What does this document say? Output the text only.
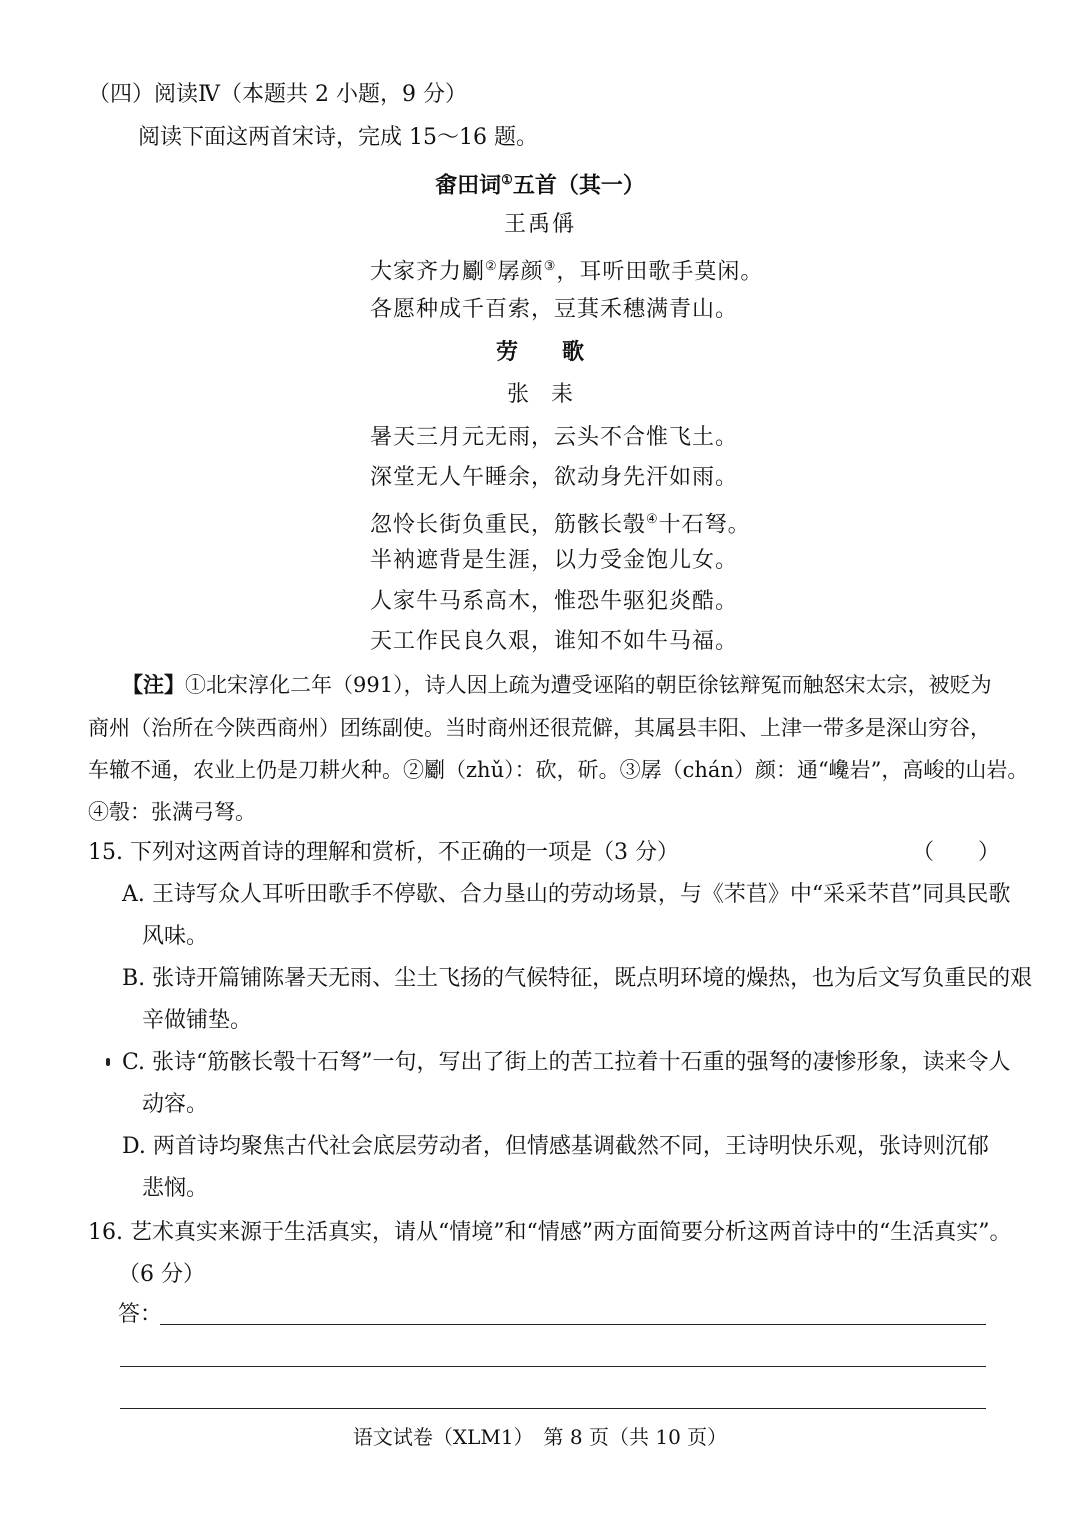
（四）阅读Ⅳ（本题共 2 小题，9 分）
阅读下面这两首宋诗，完成 15～16 题。
畬田词①五首（其一）
王禹偁
大家齐力劚②孱颜③，耳听田歌手莫闲。
各愿种成千百索，豆萁禾穗满青山。
劳　　歌
张　耒
暑天三月元无雨，云头不合惟飞土。
深堂无人午睡余，欲动身先汗如雨。
忽怜长街负重民，筋骸长彀④十石弩。
半衲遮背是生涯，以力受金饱儿女。
人家牛马系高木，惟恐牛驱犯炎酷。
天工作民良久艰，谁知不如牛马福。
【注】①北宋淳化二年（991），诗人因上疏为遭受诬陷的朝臣徐铉辩冤而触怒宋太宗，被贬为
商州（治所在今陕西商州）团练副使。当时商州还很荒僻，其属县丰阳、上津一带多是深山穷谷，
车辙不通，农业上仍是刀耕火种。②劚（zhǔ）：砍，斫。③孱（chán）颜：通“巉岩”，高峻的山岩。
④彀：张满弓弩。
15. 下列对这两首诗的理解和赏析，不正确的一项是（3 分）	（　　）
A. 王诗写众人耳听田歌手不停歇、合力垦山的劳动场景，与《芣苢》中“采采芣苢”同具民歌
风味。
B. 张诗开篇铺陈暑天无雨、尘土飞扬的气候特征，既点明环境的燥热，也为后文写负重民的艰
辛做铺垫。
C. 张诗“筋骸长彀十石弩”一句，写出了街上的苦工拉着十石重的强弩的凄惨形象，读来令人
动容。
D. 两首诗均聚焦古代社会底层劳动者，但情感基调截然不同，王诗明快乐观，张诗则沉郁
悲悯。
16. 艺术真实来源于生活真实，请从“情境”和“情感”两方面简要分析这两首诗中的“生活真实”。
（6 分）
答：
语文试卷（XLM1）　第 8 页（共 10 页）
